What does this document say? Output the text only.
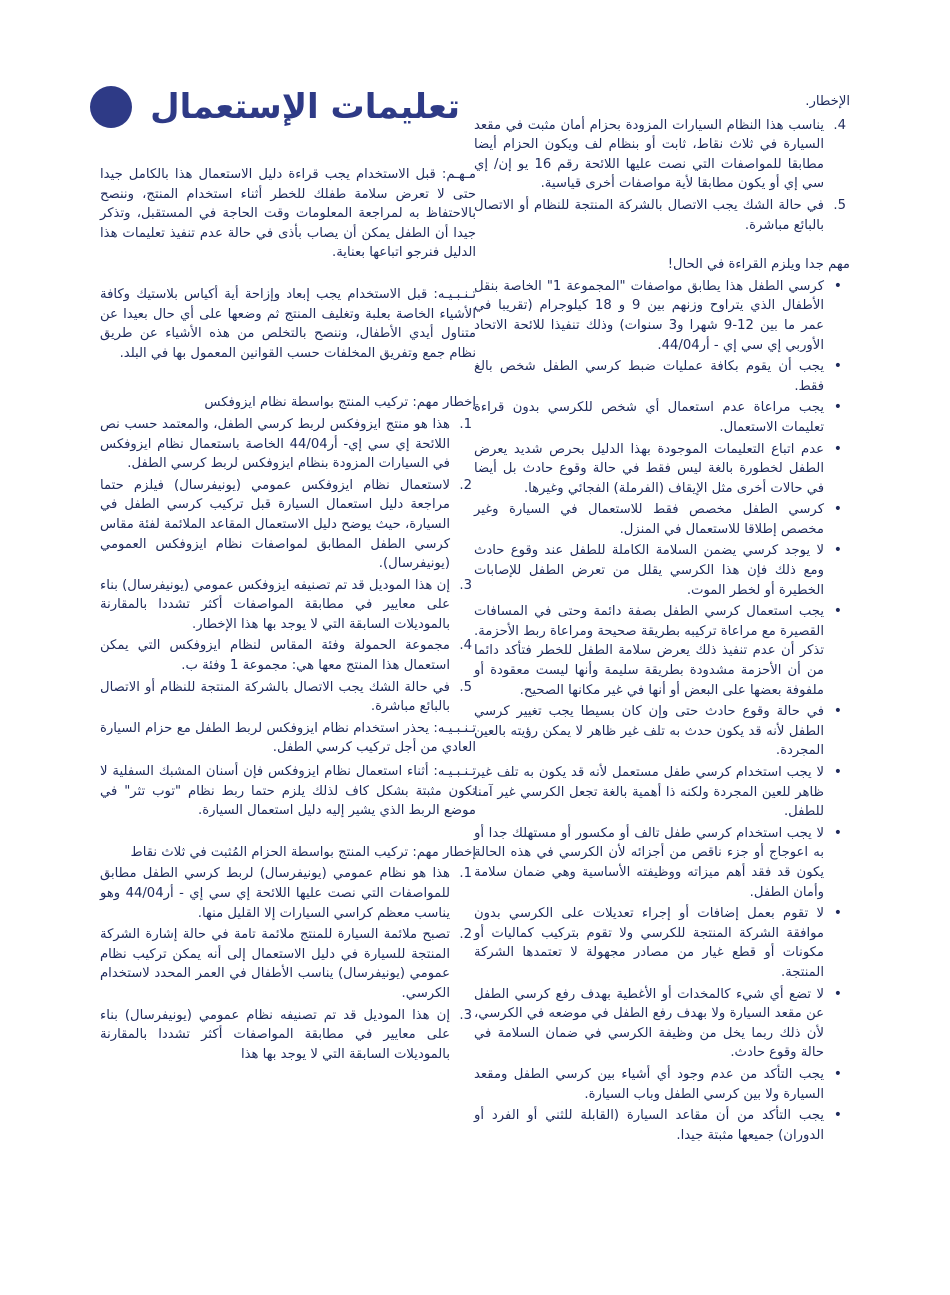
تعليمات الإستعمال	الإخطار.

4.
يناسب هذا النظام السيارات المزودة بحزام أمان مثبت في مقعد السيارة في ثلاث نقاط، ثابت أو بنظام لف ويكون الحزام أيضا مطابقا للمواصفات التي نصت عليها اللائحة رقم 16 يو إن/ إي سي إي أو يكون مطابقا لأية مواصفات أخرى قياسية.
5.
في حالة الشك يجب الاتصال بالشركة المنتجة للنظام أو الاتصال بالبائع مباشرة.

مهم جدا ويلزم القراءة في الحال!

•
كرسي الطفل هذا يطابق مواصفات "المجموعة 1" الخاصة بنقل الأطفال الذي يتراوح وزنهم بين 9 و 18 كيلوجرام (تقريبا في عمر ما بين 12-9 شهرا و3 سنوات) وذلك تنفيذا للائحة الاتحاد الأوربي إي سي إي - أر44/04.
•
يجب أن يقوم بكافة عمليات ضبط كرسي الطفل شخص بالغ فقط.
•
يجب مراعاة عدم استعمال أي شخص للكرسي بدون قراءة تعليمات الاستعمال.
•
عدم اتباع التعليمات الموجودة بهذا الدليل بحرص شديد يعرض الطفل لخطورة بالغة ليس فقط في حالة وقوع حادث بل أيضا في حالات أخرى مثل الإيقاف (الفرملة) الفجائي وغيرها.
•
كرسي الطفل مخصص فقط للاستعمال في السيارة وغير مخصص إطلاقا للاستعمال في المنزل.
•
لا يوجد كرسي يضمن السلامة الكاملة للطفل عند وقوع حادث ومع ذلك فإن هذا الكرسي يقلل من تعرض الطفل للإصابات الخطيرة أو لخطر الموت.
•
يجب استعمال كرسي الطفل بصفة دائمة وحتى في المسافات القصيرة مع مراعاة تركيبه بطريقة صحيحة ومراعاة ربط الأحزمة. تذكر أن عدم تنفيذ ذلك يعرض سلامة الطفل للخطر فتأكد دائما من أن الأحزمة مشدودة بطريقة سليمة وأنها ليست معقودة أو ملفوفة بعضها على البعض أو أنها في غير مكانها الصحيح.
•
في حالة وقوع حادث حتى وإن كان بسيطا يجب تغيير كرسي الطفل لأنه قد يكون حدث به تلف غير ظاهر لا يمكن رؤيته بالعين المجردة.
•
لا يجب استخدام كرسي طفل مستعمل لأنه قد يكون به تلف غير ظاهر للعين المجردة ولكنه ذا أهمية بالغة تجعل الكرسي غير آمنا للطفل.
•
لا يجب استخدام كرسي طفل تالف أو مكسور أو مستهلك جدا أو به اعوجاج أو جزء ناقص من أجزائه لأن الكرسي في هذه الحالة يكون قد فقد أهم ميزاته ووظيفته الأساسية وهي ضمان سلامة وأمان الطفل.
•
لا تقوم بعمل إضافات أو إجراء تعديلات على الكرسي بدون موافقة الشركة المنتجة للكرسي ولا تقوم بتركيب كماليات أو مكونات أو قطع غيار من مصادر مجهولة لا تعتمدها الشركة المنتجة.
•
لا تضع أي شيء كالمخدات أو الأغطية بهدف رفع كرسي الطفل عن مقعد السيارة ولا بهدف رفع الطفل في موضعه في الكرسي، لأن ذلك ربما يخل من وظيفة الكرسي في ضمان السلامة في حالة وقوع حادث.
•
يجب التأكد من عدم وجود أي أشياء بين كرسي الطفل ومقعد السيارة ولا بين كرسي الطفل وباب السيارة.
•
يجب التأكد من أن مقاعد السيارة (القابلة للثني أو الفرد أو الدوران) جميعها مثبتة جيدا.

مـهـم: قبل الاستخدام يجب قراءة دليل الاستعمال هذا بالكامل جيدا حتى لا تعرض سلامة طفلك للخطر أثناء استخدام المنتج، وننصح بالاحتفاظ به لمراجعة المعلومات وقت الحاجة في المستقبل، وتذكر جيدا أن الطفل يمكن أن يصاب بأذى في حالة عدم تنفيذ تعليمات هذا الدليل فنرجو اتباعها بعناية.

تـنـبـيـه: قبل الاستخدام يجب إبعاد وإزاحة أية أكياس بلاستيك وكافة الأشياء الخاصة بعلبة وتغليف المنتج ثم وضعها على أي حال بعيدا عن متناول أيدي الأطفال، وننصح بالتخلص من هذه الأشياء عن طريق نظام جمع وتفريق المخلفات حسب القوانين المعمول بها في البلد.

إخطار مهم: تركيب المنتج بواسطة نظام ايزوفكس

1.
هذا هو منتج ايزوفكس لربط كرسي الطفل، والمعتمد حسب نص اللائحة إي سي إي- أر44/04 الخاصة باستعمال نظام ايزوفكس في السيارات المزودة بنظام ايزوفكس لربط كرسي الطفل.
2.
لاستعمال نظام ايزوفكس عمومي (يونيفرسال) فيلزم حتما مراجعة دليل استعمال السيارة قبل تركيب كرسي الطفل في السيارة، حيث يوضح دليل الاستعمال المقاعد الملائمة لفئة مقاس كرسي الطفل المطابق لمواصفات نظام ايزوفكس العمومي (يونيفرسال).
3.
إن هذا الموديل قد تم تصنيفه ايزوفكس عمومي (يونيفرسال) بناء على معايير في مطابقة المواصفات أكثر تشددا بالمقارنة بالموديلات السابقة التي لا يوجد بها هذا الإخطار.
4.
مجموعة الحمولة وفئة المقاس لنظام ايزوفكس التي يمكن استعمال هذا المنتج معها هي: مجموعة 1 وفئة ب.
5.
في حالة الشك يجب الاتصال بالشركة المنتجة للنظام أو الاتصال بالبائع مباشرة.

تـنـبـيـه: يحذر استخدام نظام ايزوفكس لربط الطفل مع حزام السيارة العادي من أجل تركيب كرسي الطفل.

تـنـبـيـه: أثناء استعمال نظام ايزوفكس فإن أسنان المشبك السفلية لا تكون مثبتة بشكل كاف لذلك يلزم حتما ربط نظام "توب تثر" في موضع الربط الذي يشير إليه دليل استعمال السيارة.

إخطار مهم: تركيب المنتج بواسطة الحزام المُثبت في ثلاث نقاط

1.
هذا هو نظام عمومي (يونيفرسال) لربط كرسي الطفل مطابق للمواصفات التي نصت عليها اللائحة إي سي إي - أر44/04 وهو يناسب معظم كراسي السيارات إلا القليل منها.
2.
تصبح ملائمة السيارة للمنتج ملائمة تامة في حالة إشارة الشركة المنتجة للسيارة في دليل الاستعمال إلى أنه يمكن تركيب نظام عمومي (يونيفرسال) يناسب الأطفال في العمر المحدد لاستخدام الكرسي.
3.
إن هذا الموديل قد تم تصنيفه نظام عمومي (يونيفرسال) بناء على معايير في مطابقة المواصفات أكثر تشددا بالمقارنة بالموديلات السابقة التي لا يوجد بها هذا
